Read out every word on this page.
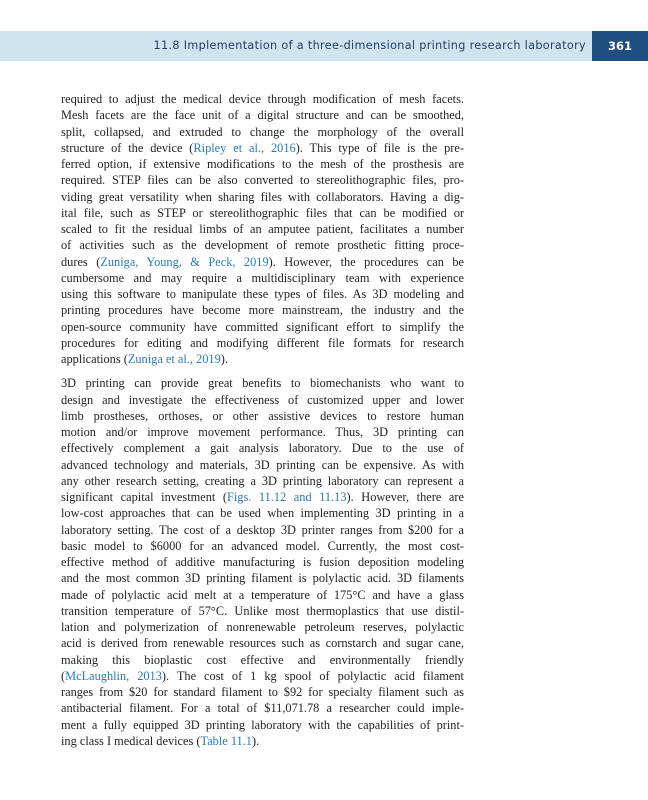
11.8 Implementation of a three-dimensional printing research laboratory	361

required to adjust the medical device through modification of mesh facets.
Mesh facets are the face unit of a digital structure and can be smoothed,
split, collapsed, and extruded to change the morphology of the overall
structure of the device (Ripley et al., 2016). This type of file is the pre-
ferred option, if extensive modifications to the mesh of the prosthesis are
required. STEP files can be also converted to stereolithographic files, pro-
viding great versatility when sharing files with collaborators. Having a dig-
ital file, such as STEP or stereolithographic files that can be modified or
scaled to fit the residual limbs of an amputee patient, facilitates a number
of activities such as the development of remote prosthetic fitting proce-
dures (Zuniga, Young, & Peck, 2019). However, the procedures can be
cumbersome and may require a multidisciplinary team with experience
using this software to manipulate these types of files. As 3D modeling and
printing procedures have become more mainstream, the industry and the
open-source community have committed significant effort to simplify the
procedures for editing and modifying different file formats for research
applications (Zuniga et al., 2019).

3D printing can provide great benefits to biomechanists who want to
design and investigate the effectiveness of customized upper and lower
limb prostheses, orthoses, or other assistive devices to restore human
motion and/or improve movement performance. Thus, 3D printing can
effectively complement a gait analysis laboratory. Due to the use of
advanced technology and materials, 3D printing can be expensive. As with
any other research setting, creating a 3D printing laboratory can represent a
significant capital investment (Figs. 11.12 and 11.13). However, there are
low-cost approaches that can be used when implementing 3D printing in a
laboratory setting. The cost of a desktop 3D printer ranges from $200 for a
basic model to $6000 for an advanced model. Currently, the most cost-
effective method of additive manufacturing is fusion deposition modeling
and the most common 3D printing filament is polylactic acid. 3D filaments
made of polylactic acid melt at a temperature of 175°C and have a glass
transition temperature of 57°C. Unlike most thermoplastics that use distil-
lation and polymerization of nonrenewable petroleum reserves, polylactic
acid is derived from renewable resources such as cornstarch and sugar cane,
making this bioplastic cost effective and environmentally friendly
(McLaughlin, 2013). The cost of 1 kg spool of polylactic acid filament
ranges from $20 for standard filament to $92 for specialty filament such as
antibacterial filament. For a total of $11,071.78 a researcher could imple-
ment a fully equipped 3D printing laboratory with the capabilities of print-
ing class I medical devices (Table 11.1).
